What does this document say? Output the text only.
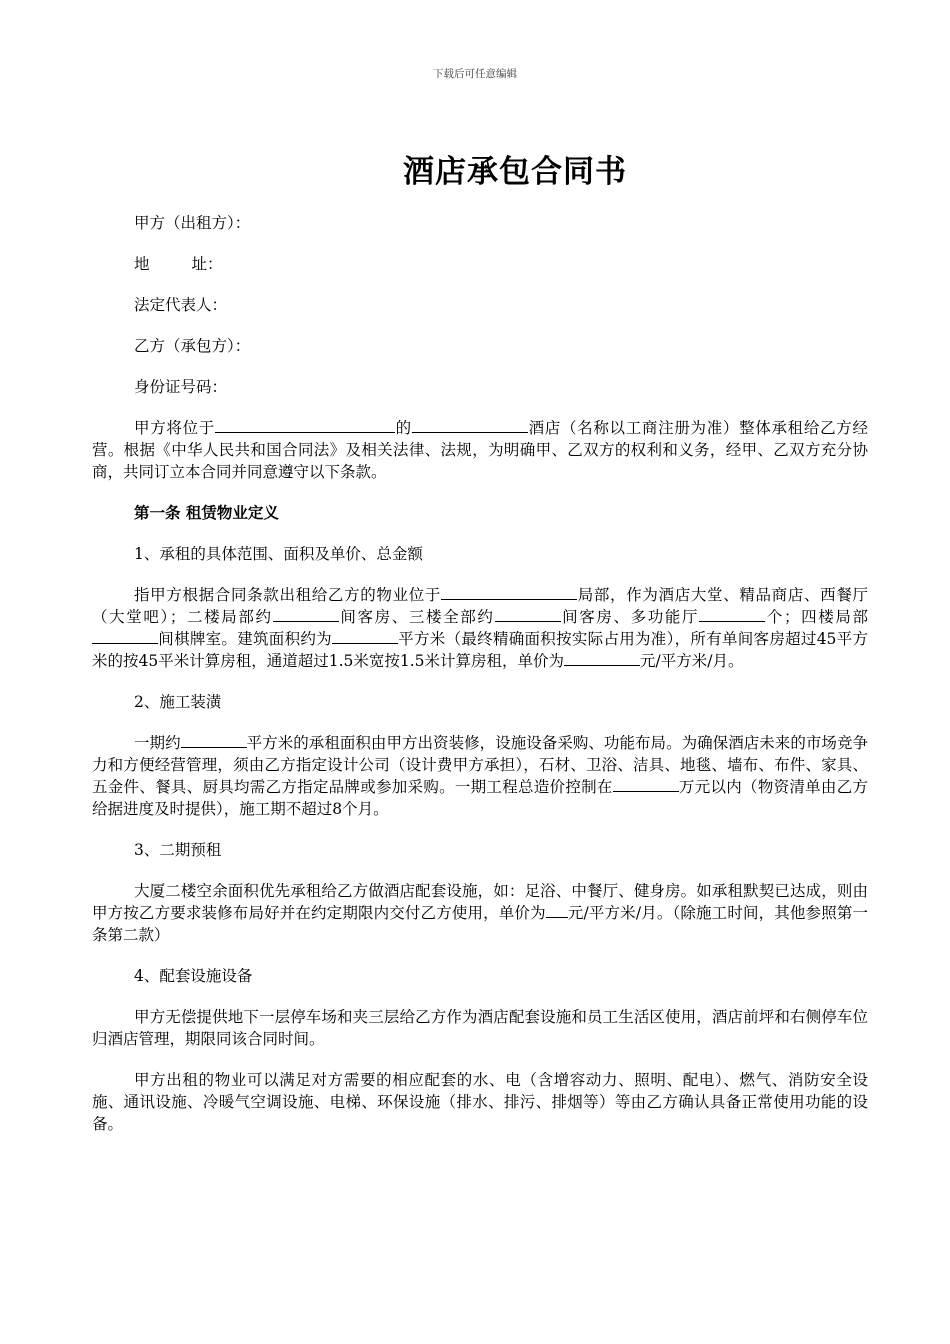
下载后可任意编辑
酒店承包合同书

甲方（出租方）：

地	址：

法定代表人：

乙方（承包方）：

身份证号码：

甲方将位于	的	酒店（名称以工商注册为准）整体承租给乙方经营。根据《中华人民共和国合同法》及相关法律、法规，为明确甲、乙双方的权利和义务，经甲、乙双方充分协商，共同订立本合同并同意遵守以下条款。

第一条 租赁物业定义

1、承租的具体范围、面积及单价、总金额

指甲方根据合同条款出租给乙方的物业位于	局部，作为酒店大堂、精品商店、西餐厅（大堂吧）；二楼局部约	间客房、三楼全部约	间客房、多功能厅	个；四楼局部间棋牌室。建筑面积约为	平方米（最终精确面积按实际占用为准），所有单间客房超过45平方米的按45平米计算房租，通道超过1.5米宽按1.5米计算房租，单价为	元/平方米/月。

2、施工装潢

一期约	平方米的承租面积由甲方出资装修，设施设备采购、功能布局。为确保酒店未来的市场竞争力和方便经营管理，须由乙方指定设计公司（设计费甲方承担），石材、卫浴、洁具、地毯、墙布、布件、家具、五金件、餐具、厨具均需乙方指定品牌或参加采购。一期工程总造价控制在	万元以内（物资清单由乙方给据进度及时提供），施工期不超过8个月。

3、二期预租

大厦二楼空余面积优先承租给乙方做酒店配套设施，如：足浴、中餐厅、健身房。如承租默契已达成，则由甲方按乙方要求装修布局好并在约定期限内交付乙方使用，单价为 元/平方米/月。（除施工时间，其他参照第一条第二款）

4、配套设施设备

甲方无偿提供地下一层停车场和夹三层给乙方作为酒店配套设施和员工生活区使用，酒店前坪和右侧停车位归酒店管理，期限同该合同时间。

甲方出租的物业可以满足对方需要的相应配套的水、电（含增容动力、照明、配电）、燃气、消防安全设施、通讯设施、冷暖气空调设施、电梯、环保设施（排水、排污、排烟等）等由乙方确认具备正常使用功能的设备。
